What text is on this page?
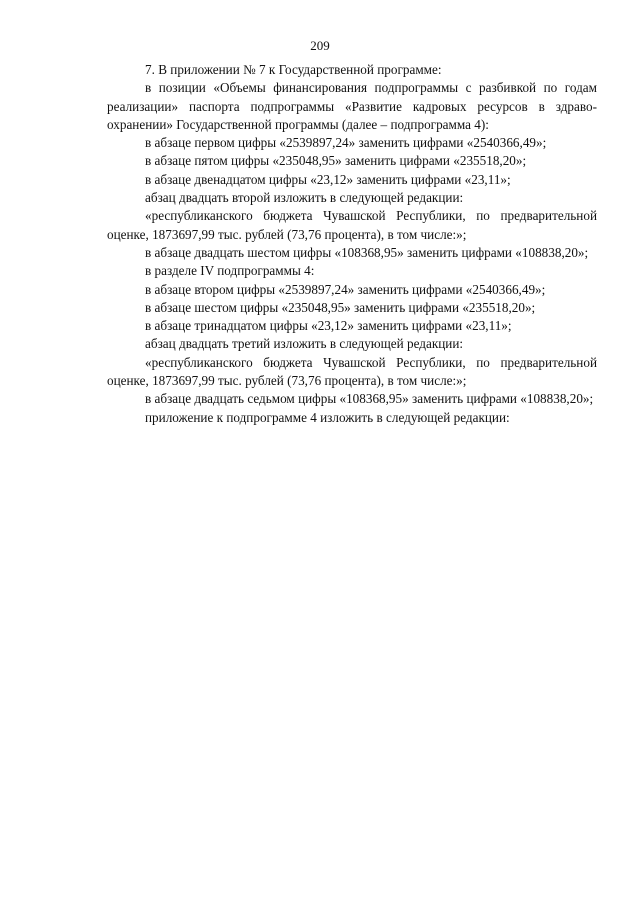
209

7. В приложении № 7 к Государственной программе:

в позиции «Объемы финансирования подпрограммы с разбивкой по годам реализации» паспорта подпрограммы «Развитие кадровых ресурсов в здраво-охранении» Государственной программы (далее – подпрограмма 4):

в абзаце первом цифры «2539897,24» заменить цифрами «2540366,49»;

в абзаце пятом цифры «235048,95» заменить цифрами «235518,20»;

в абзаце двенадцатом цифры «23,12» заменить цифрами «23,11»;

абзац двадцать второй изложить в следующей редакции:

«республиканского бюджета Чувашской Республики, по предварительной оценке, 1873697,99 тыс. рублей (73,76 процента), в том числе:»;

в абзаце двадцать шестом цифры «108368,95» заменить цифрами «108838,20»;

в разделе IV подпрограммы 4:

в абзаце втором цифры «2539897,24» заменить цифрами «2540366,49»;

в абзаце шестом цифры «235048,95» заменить цифрами «235518,20»;

в абзаце тринадцатом цифры «23,12» заменить цифрами «23,11»;

абзац двадцать третий изложить в следующей редакции:

«республиканского бюджета Чувашской Республики, по предварительной оценке, 1873697,99 тыс. рублей (73,76 процента), в том числе:»;

в абзаце двадцать седьмом цифры «108368,95» заменить цифрами «108838,20»;

приложение к подпрограмме 4 изложить в следующей редакции:
